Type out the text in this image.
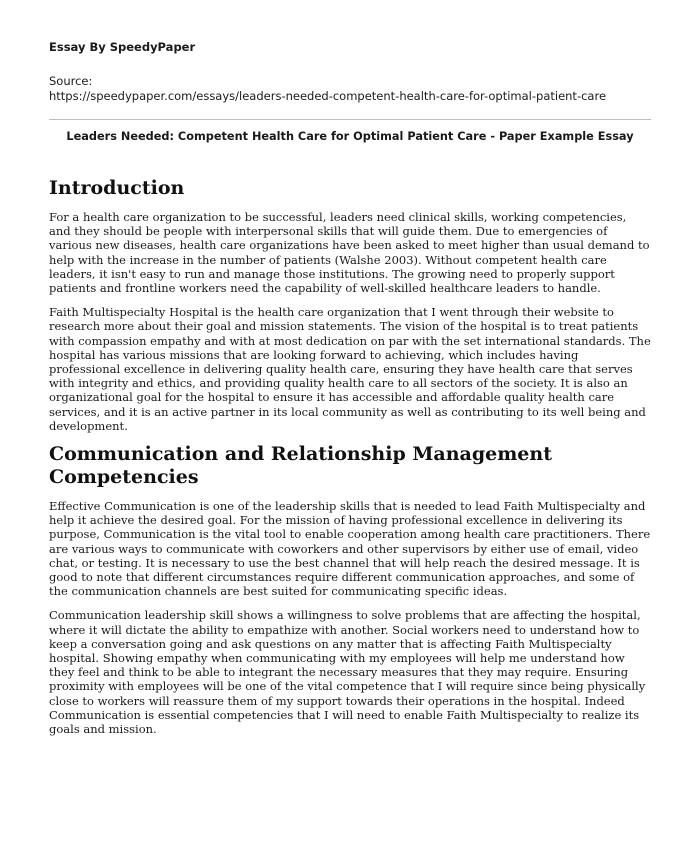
Essay By SpeedyPaper
Source:
https://speedypaper.com/essays/leaders-needed-competent-health-care-for-optimal-patient-care
Leaders Needed: Competent Health Care for Optimal Patient Care - Paper Example Essay
Introduction

For a health care organization to be successful, leaders need clinical skills, working competencies, and they should be people with interpersonal skills that will guide them. Due to emergencies of various new diseases, health care organizations have been asked to meet higher than usual demand to help with the increase in the number of patients (Walshe 2003). Without competent health care leaders, it isn't easy to run and manage those institutions. The growing need to properly support patients and frontline workers need the capability of well-skilled healthcare leaders to handle.

Faith Multispecialty Hospital is the health care organization that I went through their website to research more about their goal and mission statements. The vision of the hospital is to treat patients with compassion empathy and with at most dedication on par with the set international standards. The hospital has various missions that are looking forward to achieving, which includes having professional excellence in delivering quality health care, ensuring they have health care that serves with integrity and ethics, and providing quality health care to all sectors of the society. It is also an organizational goal for the hospital to ensure it has accessible and affordable quality health care services, and it is an active partner in its local community as well as contributing to its well being and development.

Communication and Relationship Management Competencies

Effective Communication is one of the leadership skills that is needed to lead Faith Multispecialty and help it achieve the desired goal. For the mission of having professional excellence in delivering its purpose, Communication is the vital tool to enable cooperation among health care practitioners. There are various ways to communicate with coworkers and other supervisors by either use of email, video chat, or testing. It is necessary to use the best channel that will help reach the desired message. It is good to note that different circumstances require different communication approaches, and some of the communication channels are best suited for communicating specific ideas.

Communication leadership skill shows a willingness to solve problems that are affecting the hospital, where it will dictate the ability to empathize with another. Social workers need to understand how to keep a conversation going and ask questions on any matter that is affecting Faith Multispecialty hospital. Showing empathy when communicating with my employees will help me understand how they feel and think to be able to integrant the necessary measures that they may require. Ensuring proximity with employees will be one of the vital competence that I will require since being physically close to workers will reassure them of my support towards their operations in the hospital. Indeed Communication is essential competencies that I will need to enable Faith Multispecialty to realize its goals and mission.
